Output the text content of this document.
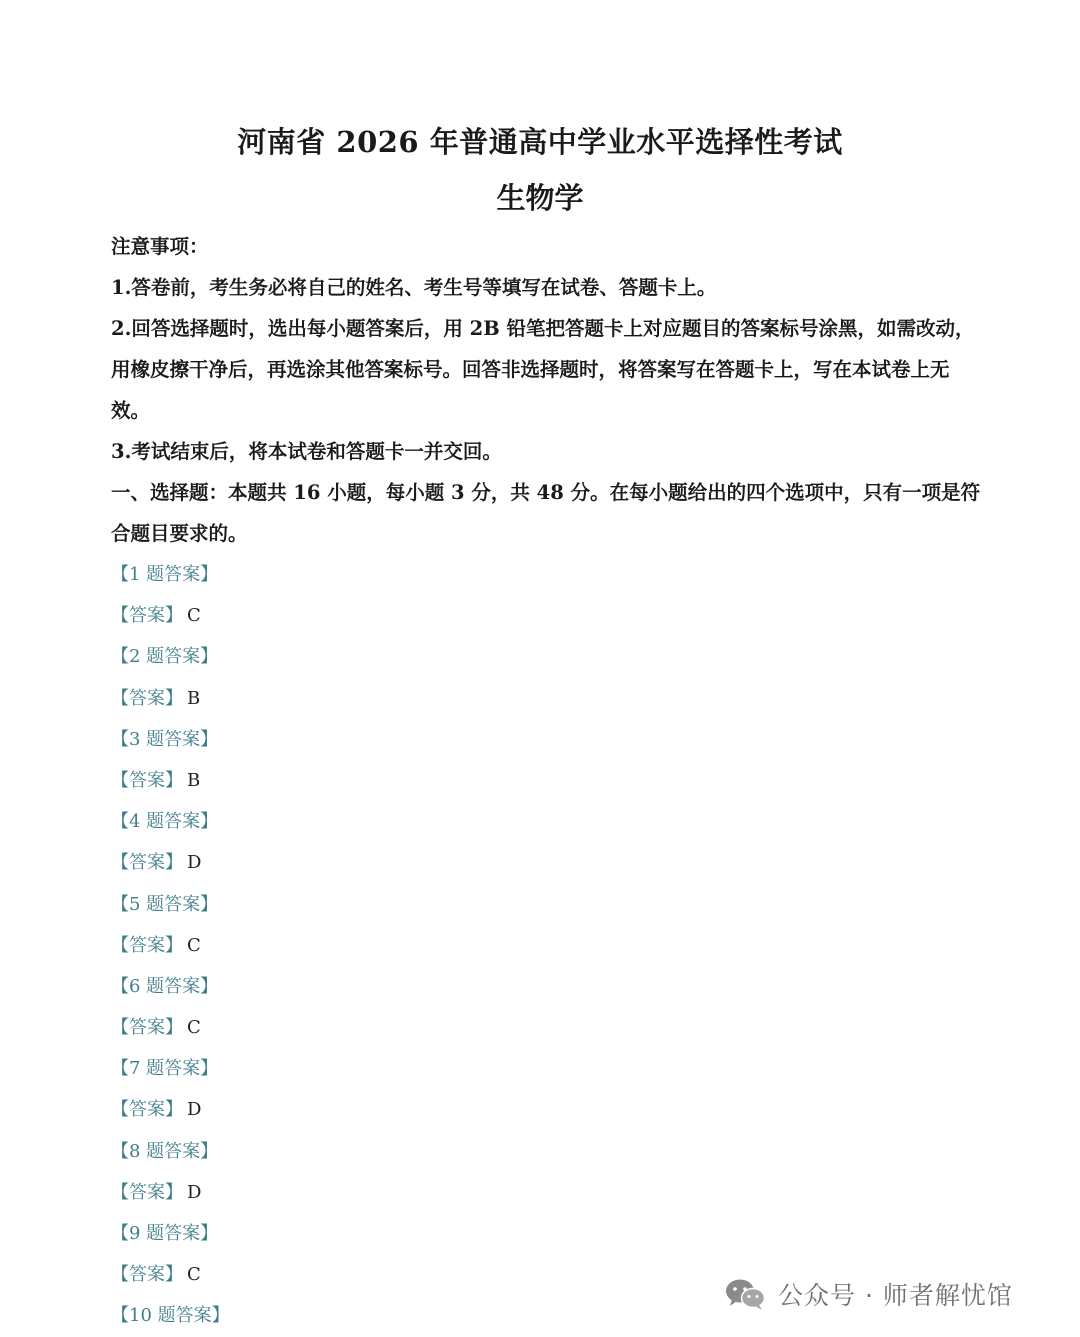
河南省 2026 年普通高中学业水平选择性考试
生物学

注意事项：

1.答卷前，考生务必将自己的姓名、考生号等填写在试卷、答题卡上。

2.回答选择题时，选出每小题答案后，用 2B 铅笔把答题卡上对应题目的答案标号涂黑，如需改动，用橡皮擦干净后，再选涂其他答案标号。回答非选择题时，将答案写在答题卡上，写在本试卷上无效。

3.考试结束后，将本试卷和答题卡一并交回。

一、选择题：本题共 16 小题，每小题 3 分，共 48 分。在每小题给出的四个选项中，只有一项是符合题目要求的。

【1 题答案】
【答案】 C
【2 题答案】
【答案】 B
【3 题答案】
【答案】 B
【4 题答案】
【答案】 D
【5 题答案】
【答案】 C
【6 题答案】
【答案】 C
【7 题答案】
【答案】 D
【8 题答案】
【答案】 D
【9 题答案】
【答案】 C
【10 题答案】
公众号 · 师者解忧馆
